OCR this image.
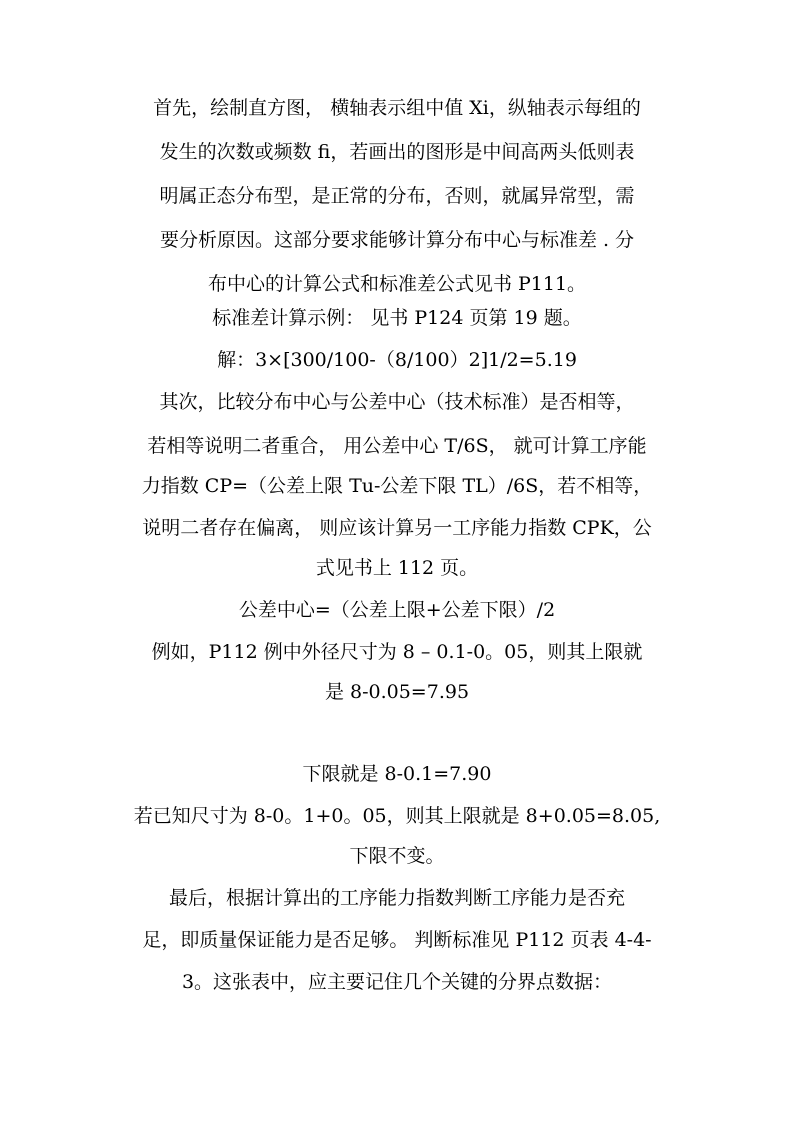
首先，绘制直方图， 横轴表示组中值 Xi，纵轴表示每组的
发生的次数或频数 fi，若画出的图形是中间高两头低则表
明属正态分布型，是正常的分布，否则，就属异常型，需
要分析原因。这部分要求能够计算分布中心与标准差 . 分
布中心的计算公式和标准差公式见书 P111。
标准差计算示例： 见书 P124 页第 19 题。
解：3×[300/100-（8/100）2]1/2=5.19
其次，比较分布中心与公差中心（技术标准）是否相等，
若相等说明二者重合， 用公差中心 T/6S， 就可计算工序能
力指数 CP=（公差上限 Tu-公差下限 TL）/6S，若不相等，
说明二者存在偏离， 则应该计算另一工序能力指数 CPK，公
式见书上 112 页。
公差中心=（公差上限+公差下限）/2
例如，P112 例中外径尺寸为 8 – 0.1-0。05，则其上限就
是 8-0.05=7.95
下限就是 8-0.1=7.90
若已知尺寸为 8-0。1+0。05，则其上限就是 8+0.05=8.05,
下限不变。
最后，根据计算出的工序能力指数判断工序能力是否充
足，即质量保证能力是否足够。 判断标准见 P112 页表 4-4-
3。这张表中，应主要记住几个关键的分界点数据：
